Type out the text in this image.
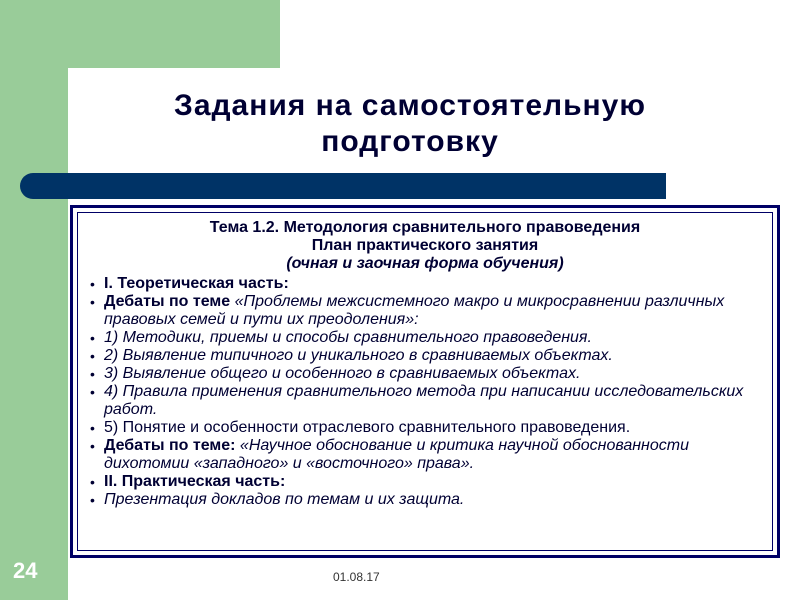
Задания на самостоятельную
подготовку
Тема 1.2. Методология сравнительного правоведения
План практического занятия
(очная и заочная форма обучения)
• I. Теоретическая часть:
• Дебаты по теме «Проблемы межсистемного макро и микросравнении различных правовых семей и пути их преодоления»:
• 1) Методики, приемы и способы сравнительного правоведения.
• 2) Выявление типичного и уникального в сравниваемых объектах.
• 3) Выявление общего и особенного в сравниваемых объектах.
• 4) Правила применения сравнительного метода при написании исследовательских работ.
• 5) Понятие и особенности отраслевого сравнительного правоведения.
• Дебаты по теме: «Научное обоснование и критика научной обоснованности дихотомии «западного» и «восточного» права».
• II. Практическая часть:
• Презентация докладов по темам и их защита.
24	01.08.17
